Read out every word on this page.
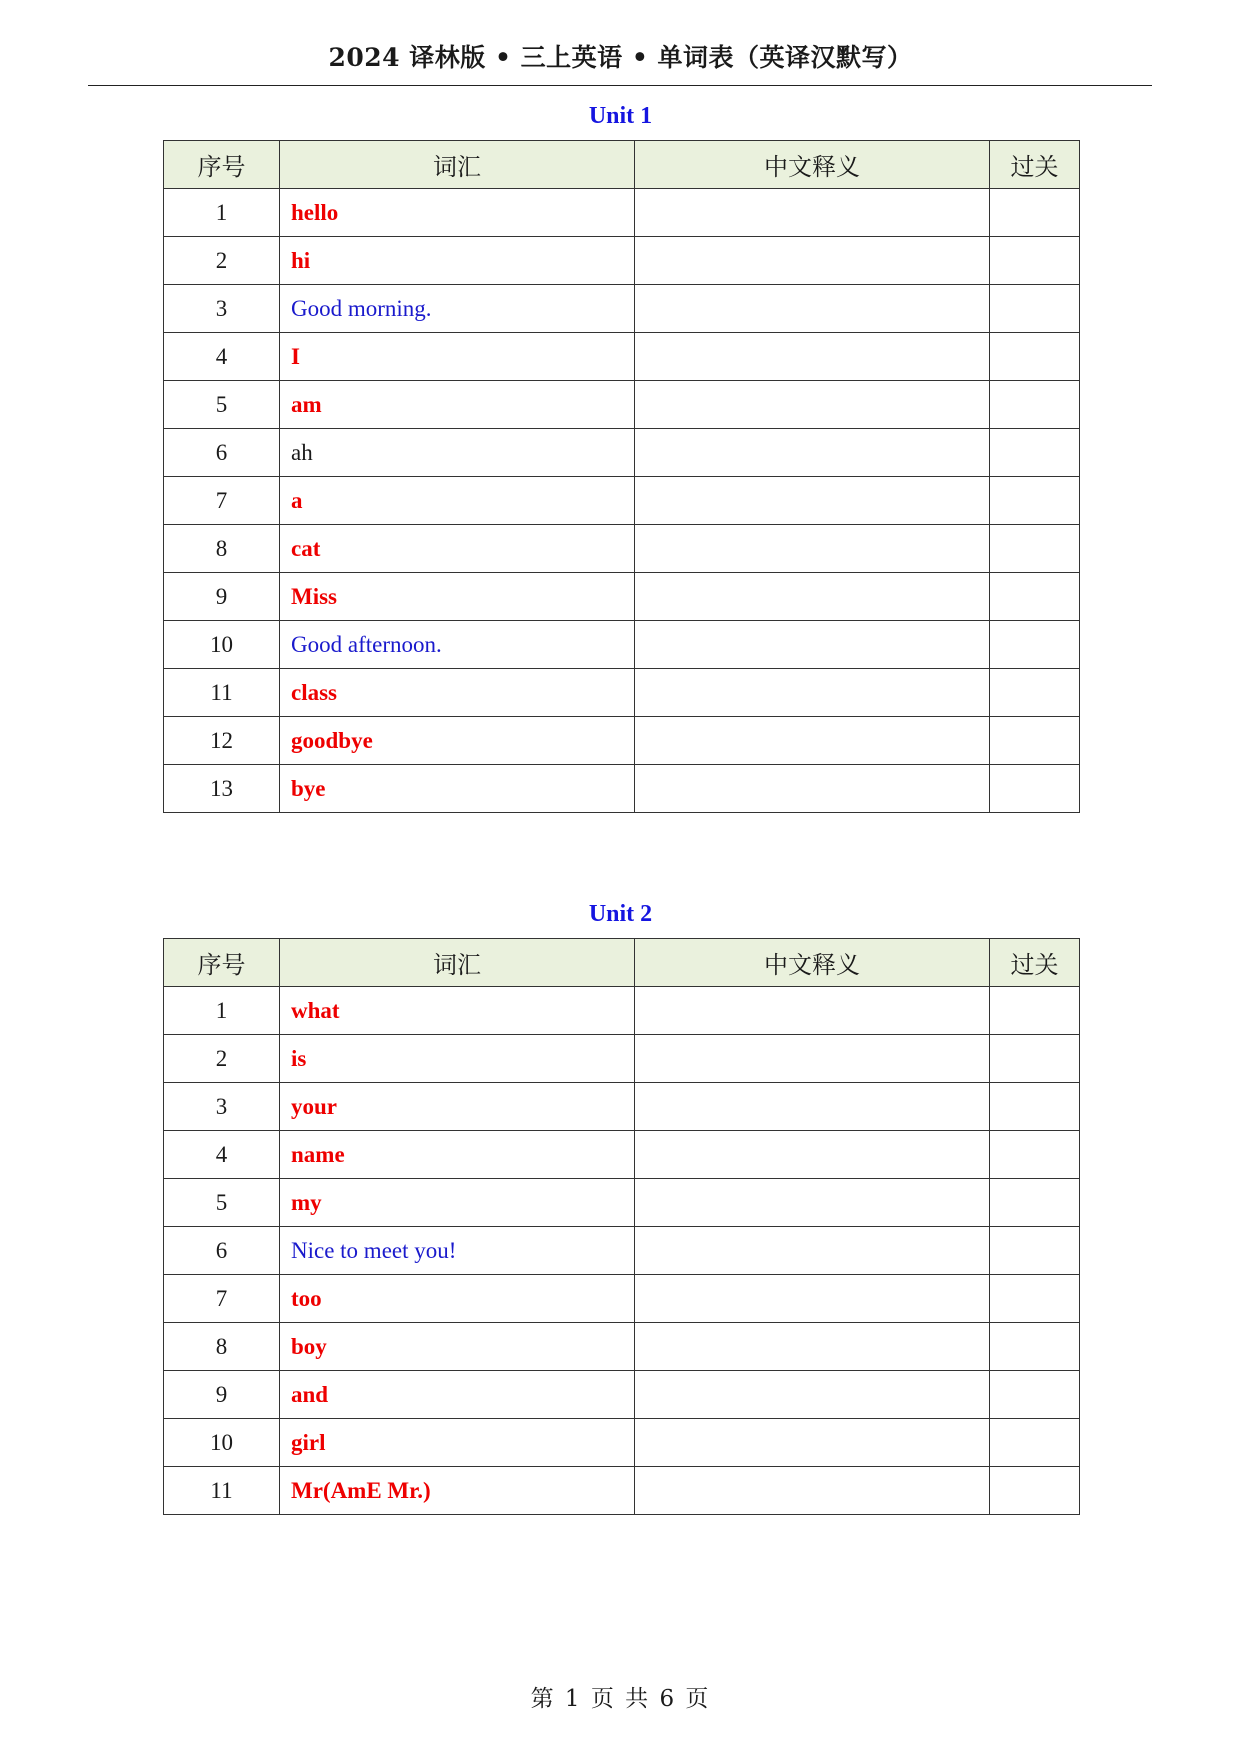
2024 译林版 • 三上英语 • 单词表（英译汉默写）
Unit 1
序号	词汇	中文释义	过关
1	hello		
2	hi		
3	Good morning.		
4	I		
5	am		
6	ah		
7	a		
8	cat		
9	Miss		
10	Good afternoon.		
11	class		
12	goodbye		
13	bye		
Unit 2
序号	词汇	中文释义	过关
1	what		
2	is		
3	your		
4	name		
5	my		
6	Nice to meet you!		
7	too		
8	boy		
9	and		
10	girl		
11	Mr(AmE Mr.)		
第 1 页 共 6 页
